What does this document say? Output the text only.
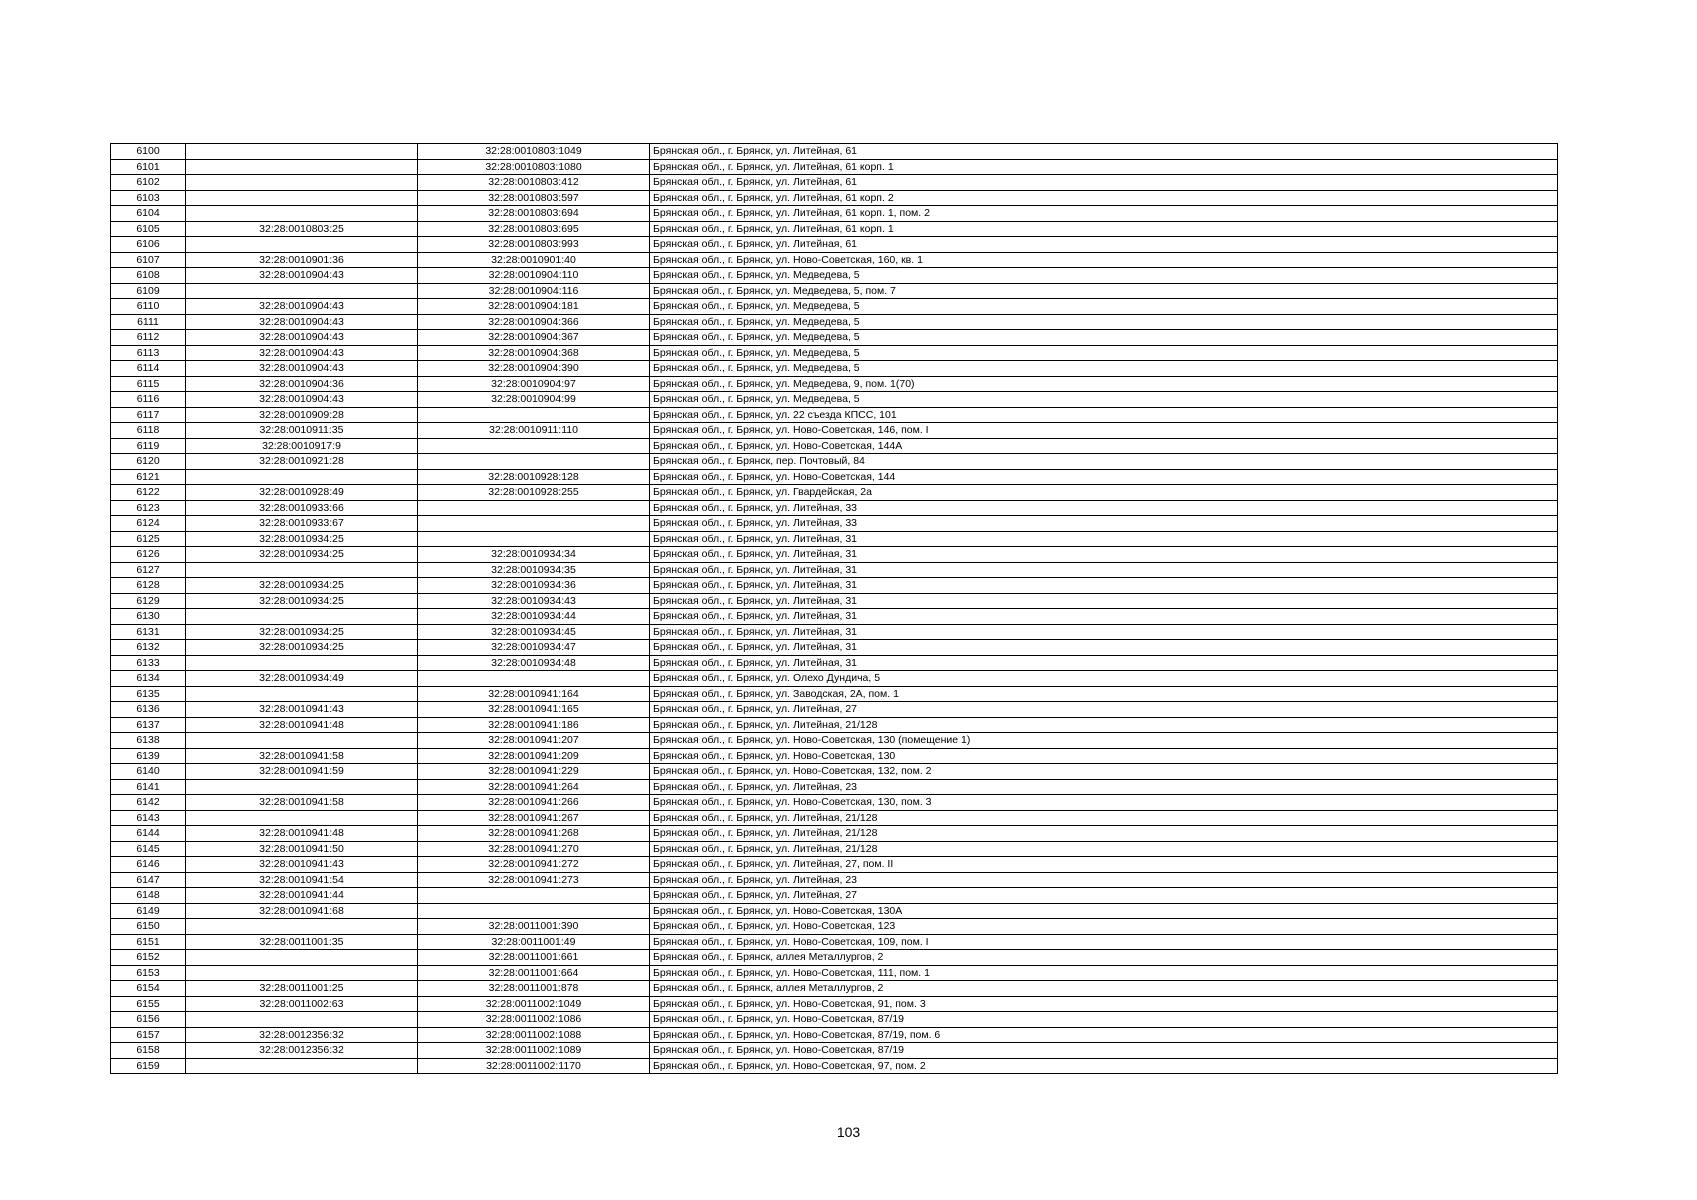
6100		32:28:0010803:1049	Брянская обл., г. Брянск, ул. Литейная, 61
6101		32:28:0010803:1080	Брянская обл., г. Брянск, ул. Литейная, 61 корп. 1
6102		32:28:0010803:412	Брянская обл., г. Брянск, ул. Литейная, 61
6103		32:28:0010803:597	Брянская обл., г. Брянск, ул. Литейная, 61 корп. 2
6104		32:28:0010803:694	Брянская обл., г. Брянск, ул. Литейная, 61 корп. 1, пом. 2
6105	32:28:0010803:25	32:28:0010803:695	Брянская обл., г. Брянск, ул. Литейная, 61 корп. 1
6106		32:28:0010803:993	Брянская обл., г. Брянск, ул. Литейная, 61
6107	32:28:0010901:36	32:28:0010901:40	Брянская обл., г. Брянск, ул. Ново-Советская, 160, кв. 1
6108	32:28:0010904:43	32:28:0010904:110	Брянская обл., г. Брянск, ул. Медведева, 5
6109		32:28:0010904:116	Брянская обл., г. Брянск, ул. Медведева, 5, пом. 7
6110	32:28:0010904:43	32:28:0010904:181	Брянская обл., г. Брянск, ул. Медведева, 5
6111	32:28:0010904:43	32:28:0010904:366	Брянская обл., г. Брянск, ул. Медведева, 5
6112	32:28:0010904:43	32:28:0010904:367	Брянская обл., г. Брянск, ул. Медведева, 5
6113	32:28:0010904:43	32:28:0010904:368	Брянская обл., г. Брянск, ул. Медведева, 5
6114	32:28:0010904:43	32:28:0010904:390	Брянская обл., г. Брянск, ул. Медведева, 5
6115	32:28:0010904:36	32:28:0010904:97	Брянская обл., г. Брянск, ул. Медведева, 9, пом. 1(70)
6116	32:28:0010904:43	32:28:0010904:99	Брянская обл., г. Брянск, ул. Медведева, 5
6117	32:28:0010909:28		Брянская обл., г. Брянск, ул. 22 съезда КПСС, 101
6118	32:28:0010911:35	32:28:0010911:110	Брянская обл., г. Брянск, ул. Ново-Советская, 146, пом. I
6119	32:28:0010917:9		Брянская обл., г. Брянск, ул. Ново-Советская, 144А
6120	32:28:0010921:28		Брянская обл., г. Брянск, пер. Почтовый, 84
6121		32:28:0010928:128	Брянская обл., г. Брянск, ул. Ново-Советская, 144
6122	32:28:0010928:49	32:28:0010928:255	Брянская обл., г. Брянск, ул. Гвардейская, 2а
6123	32:28:0010933:66		Брянская обл., г. Брянск, ул. Литейная, 33
6124	32:28:0010933:67		Брянская обл., г. Брянск, ул. Литейная, 33
6125	32:28:0010934:25		Брянская обл., г. Брянск, ул. Литейная, 31
6126	32:28:0010934:25	32:28:0010934:34	Брянская обл., г. Брянск, ул. Литейная, 31
6127		32:28:0010934:35	Брянская обл., г. Брянск, ул. Литейная, 31
6128	32:28:0010934:25	32:28:0010934:36	Брянская обл., г. Брянск, ул. Литейная, 31
6129	32:28:0010934:25	32:28:0010934:43	Брянская обл., г. Брянск, ул. Литейная, 31
6130		32:28:0010934:44	Брянская обл., г. Брянск, ул. Литейная, 31
6131	32:28:0010934:25	32:28:0010934:45	Брянская обл., г. Брянск, ул. Литейная, 31
6132	32:28:0010934:25	32:28:0010934:47	Брянская обл., г. Брянск, ул. Литейная, 31
6133		32:28:0010934:48	Брянская обл., г. Брянск, ул. Литейная, 31
6134	32:28:0010934:49		Брянская обл., г. Брянск, ул. Олехо Дундича, 5
6135		32:28:0010941:164	Брянская обл., г. Брянск, ул. Заводская, 2А, пом. 1
6136	32:28:0010941:43	32:28:0010941:165	Брянская обл., г. Брянск, ул. Литейная, 27
6137	32:28:0010941:48	32:28:0010941:186	Брянская обл., г. Брянск, ул. Литейная, 21/128
6138		32:28:0010941:207	Брянская обл., г. Брянск, ул. Ново-Советская, 130 (помещение 1)
6139	32:28:0010941:58	32:28:0010941:209	Брянская обл., г. Брянск, ул. Ново-Советская, 130
6140	32:28:0010941:59	32:28:0010941:229	Брянская обл., г. Брянск, ул. Ново-Советская, 132, пом. 2
6141		32:28:0010941:264	Брянская обл., г. Брянск, ул. Литейная, 23
6142	32:28:0010941:58	32:28:0010941:266	Брянская обл., г. Брянск, ул. Ново-Советская, 130, пом. 3
6143		32:28:0010941:267	Брянская обл., г. Брянск, ул. Литейная, 21/128
6144	32:28:0010941:48	32:28:0010941:268	Брянская обл., г. Брянск, ул. Литейная, 21/128
6145	32:28:0010941:50	32:28:0010941:270	Брянская обл., г. Брянск, ул. Литейная, 21/128
6146	32:28:0010941:43	32:28:0010941:272	Брянская обл., г. Брянск, ул. Литейная, 27, пом. II
6147	32:28:0010941:54	32:28:0010941:273	Брянская обл., г. Брянск, ул. Литейная, 23
6148	32:28:0010941:44		Брянская обл., г. Брянск, ул. Литейная, 27
6149	32:28:0010941:68		Брянская обл., г. Брянск, ул. Ново-Советская, 130А
6150		32:28:0011001:390	Брянская обл., г. Брянск, ул. Ново-Советская, 123
6151	32:28:0011001:35	32:28:0011001:49	Брянская обл., г. Брянск, ул. Ново-Советская, 109, пом. I
6152		32:28:0011001:661	Брянская обл., г. Брянск, аллея Металлургов, 2
6153		32:28:0011001:664	Брянская обл., г. Брянск, ул. Ново-Советская, 111, пом. 1
6154	32:28:0011001:25	32:28:0011001:878	Брянская обл., г. Брянск, аллея Металлургов, 2
6155	32:28:0011002:63	32:28:0011002:1049	Брянская обл., г. Брянск, ул. Ново-Советская, 91, пом. 3
6156		32:28:0011002:1086	Брянская обл., г. Брянск, ул. Ново-Советская, 87/19
6157	32:28:0012356:32	32:28:0011002:1088	Брянская обл., г. Брянск, ул. Ново-Советская, 87/19, пом. 6
6158	32:28:0012356:32	32:28:0011002:1089	Брянская обл., г. Брянск, ул. Ново-Советская, 87/19
6159		32:28:0011002:1170	Брянская обл., г. Брянск, ул. Ново-Советская, 97, пом. 2
103
